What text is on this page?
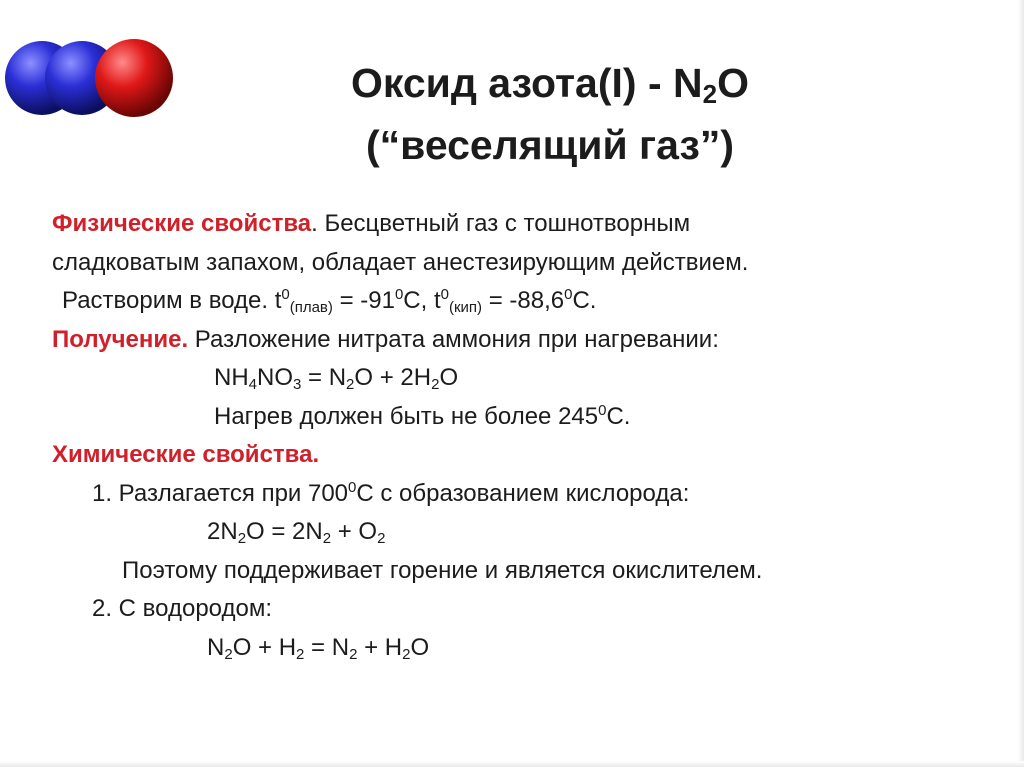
Оксид азота(I) - $N_2O$
(“веселящий газ”)
Физические свойства. Бесцветный газ с тошнотворным
сладковатым запахом, обладает анестезирующим действием.
Растворим в воде. $t^0_{(плав)} = -91^0C$, $t^0_{(кип)} = -88,6^0C$.
Получение. Разложение нитрата аммония при нагревании:
$NH_4NO_3 = N_2O + 2H_2O$
Нагрев должен быть не более $245^0C$.
Химические свойства.
1. Разлагается при $700^0C$ с образованием кислорода:
$2N_2O = 2N_2 + O_2$
Поэтому поддерживает горение и является окислителем.
2. С водородом:
$N_2O + H_2 = N_2 + H_2O$
